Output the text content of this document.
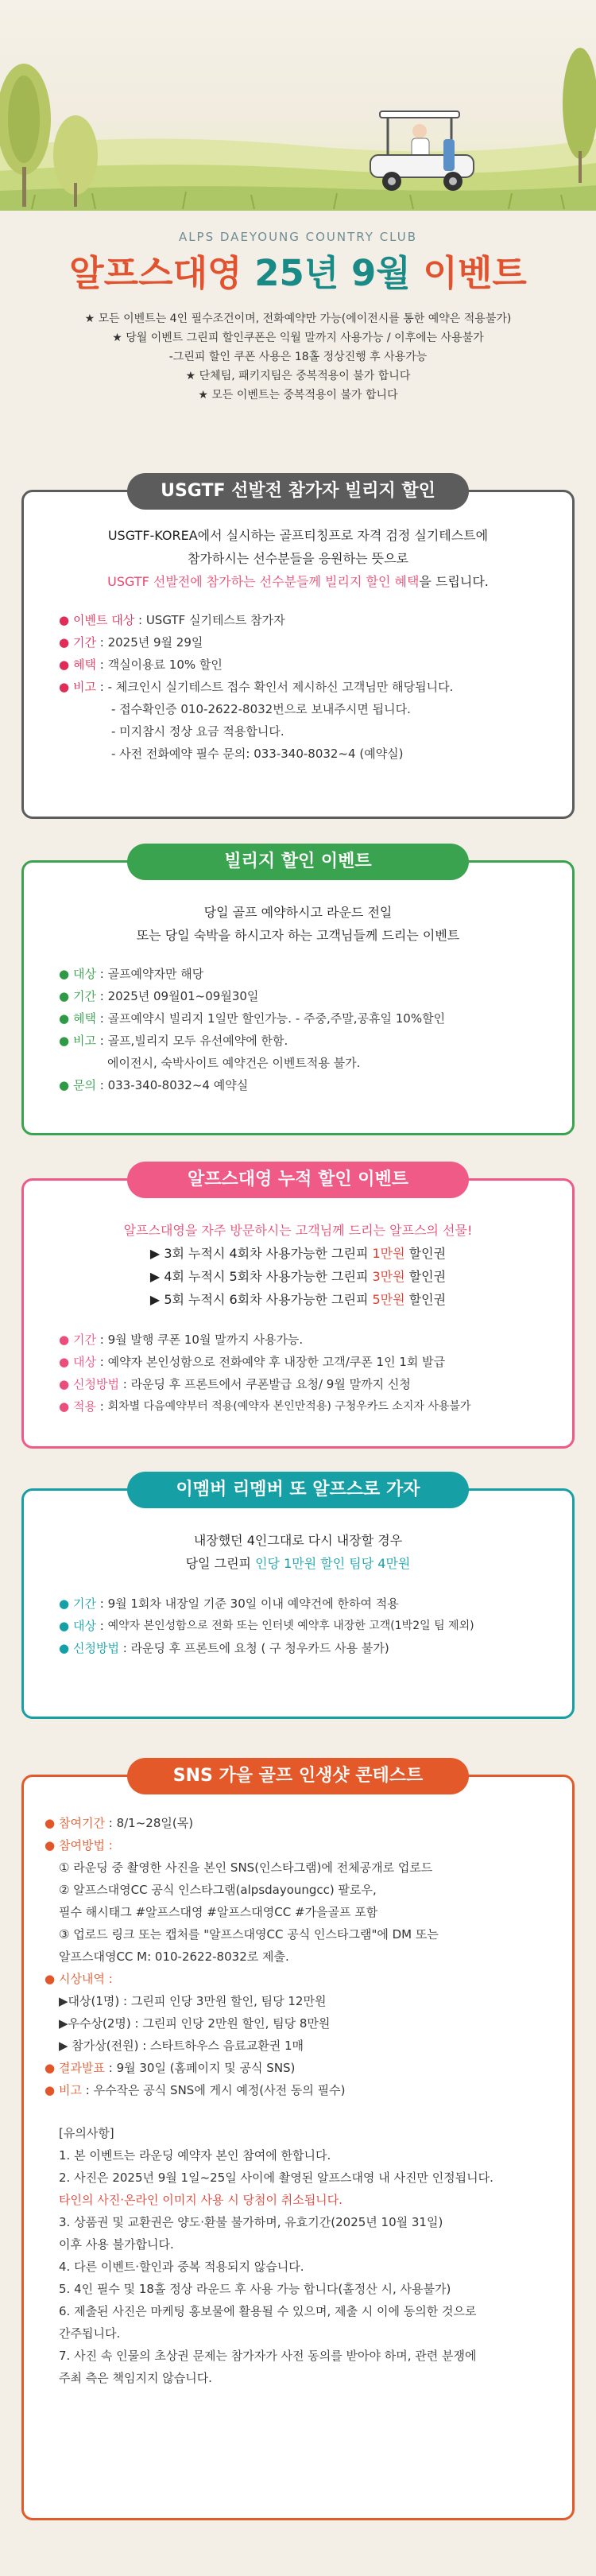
ALPS DAEYOUNG COUNTRY CLUB
알프스대영 25년 9월 이벤트
★ 모든 이벤트는 4인 필수조건이며, 전화예약만 가능(에이전시를 통한 예약은 적용불가)
★ 당월 이벤트 그린피 할인쿠폰은 익월 말까지 사용가능 / 이후에는 사용불가
-그린피 할인 쿠폰 사용은 18홀 정상진행 후 사용가능
★ 단체팀, 패키지팀은 중복적용이 불가 합니다
★ 모든 이벤트는 중복적용이 불가 합니다
USGTF 선발전 참가자 빌리지 할인
USGTF-KOREA에서 실시하는 골프티칭프로 자격 검정 실기테스트에
참가하시는 선수분들을 응원하는 뜻으로
USGTF 선발전에 참가하는 선수분들께 빌리지 할인 혜택을 드립니다.
● 이벤트 대상 : USGTF 실기테스트 참가자
● 기간 : 2025년 9월 29일
● 혜택 : 객실이용료 10% 할인
● 비고 : - 체크인시 실기테스트 접수 확인서 제시하신 고객님만 해당됩니다.
- 접수확인증 010-2622-8032번으로 보내주시면 됩니다.
- 미지참시 정상 요금 적용합니다.
- 사전 전화예약 필수 문의: 033-340-8032~4 (예약실)
빌리지 할인 이벤트
당일 골프 예약하시고 라운드 전일
또는 당일 숙박을 하시고자 하는 고객님들께 드리는 이벤트
● 대상 : 골프예약자만 해당
● 기간 : 2025년 09월01~09월30일
● 혜택 : 골프예약시 빌리지 1일만 할인가능. - 주중,주말,공휴일 10%할인
● 비고 : 골프,빌리지 모두 유선예약에 한함.
에이전시, 숙박사이트 예약건은 이벤트적용 불가.
● 문의 : 033-340-8032~4 예약실
알프스대영 누적 할인 이벤트
알프스대영을 자주 방문하시는 고객님께 드리는 알프스의 선물!
▶ 3회 누적시 4회차 사용가능한 그린피 1만원 할인권
▶ 4회 누적시 5회차 사용가능한 그린피 3만원 할인권
▶ 5회 누적시 6회차 사용가능한 그린피 5만원 할인권
● 기간 : 9월 발행 쿠폰 10월 말까지 사용가능.
● 대상 : 예약자 본인성함으로 전화예약 후 내장한 고객/쿠폰 1인 1회 발급
● 신청방법 : 라운딩 후 프론트에서 쿠폰발급 요청/ 9월 말까지 신청
● 적용 : 회차별 다음예약부터 적용(예약자 본인만적용) 구청우카드 소지자 사용불가
이멤버 리멤버 또 알프스로 가자
내장했던 4인그대로 다시 내장할 경우
당일 그린피 인당 1만원 할인 팀당 4만원
● 기간 : 9월 1회차 내장일 기준 30일 이내 예약건에 한하여 적용
● 대상 : 예약자 본인성함으로 전화 또는 인터넷 예약후 내장한 고객(1박2일 팀 제외)
● 신청방법 : 라운딩 후 프론트에 요청 ( 구 청우카드 사용 불가)
SNS 가을 골프 인생샷 콘테스트
● 참여기간 : 8/1~28일(목)
● 참여방법 :
① 라운딩 중 촬영한 사진을 본인 SNS(인스타그램)에 전체공개로 업로드
② 알프스대영CC 공식 인스타그램(alpsdayoungcc) 팔로우,
필수 해시태그 #알프스대영 #알프스대영CC #가을골프 포함
③ 업로드 링크 또는 캡처를 "알프스대영CC 공식 인스타그램"에 DM 또는
알프스대영CC M: 010-2622-8032로 제출.
● 시상내역 :
▶대상(1명) : 그린피 인당 3만원 할인, 팀당 12만원
▶우수상(2명) : 그린피 인당 2만원 할인, 팀당 8만원
▶ 참가상(전원) : 스타트하우스 음료교환권 1매
● 결과발표 : 9월 30일 (홈페이지 및 공식 SNS)
● 비고 : 우수작은 공식 SNS에 게시 예정(사전 동의 필수)
[유의사항]
1. 본 이벤트는 라운딩 예약자 본인 참여에 한합니다.
2. 사진은 2025년 9월 1일~25일 사이에 촬영된 알프스대영 내 사진만 인정됩니다.
타인의 사진·온라인 이미지 사용 시 당첨이 취소됩니다.
3. 상품권 및 교환권은 양도·환불 불가하며, 유효기간(2025년 10월 31일)
이후 사용 불가합니다.
4. 다른 이벤트·할인과 중복 적용되지 않습니다.
5. 4인 필수 및 18홀 정상 라운드 후 사용 가능 합니다(홀정산 시, 사용불가)
6. 제출된 사진은 마케팅 홍보물에 활용될 수 있으며, 제출 시 이에 동의한 것으로
간주됩니다.
7. 사진 속 인물의 초상권 문제는 참가자가 사전 동의를 받아야 하며, 관련 분쟁에
주최 측은 책임지지 않습니다.
